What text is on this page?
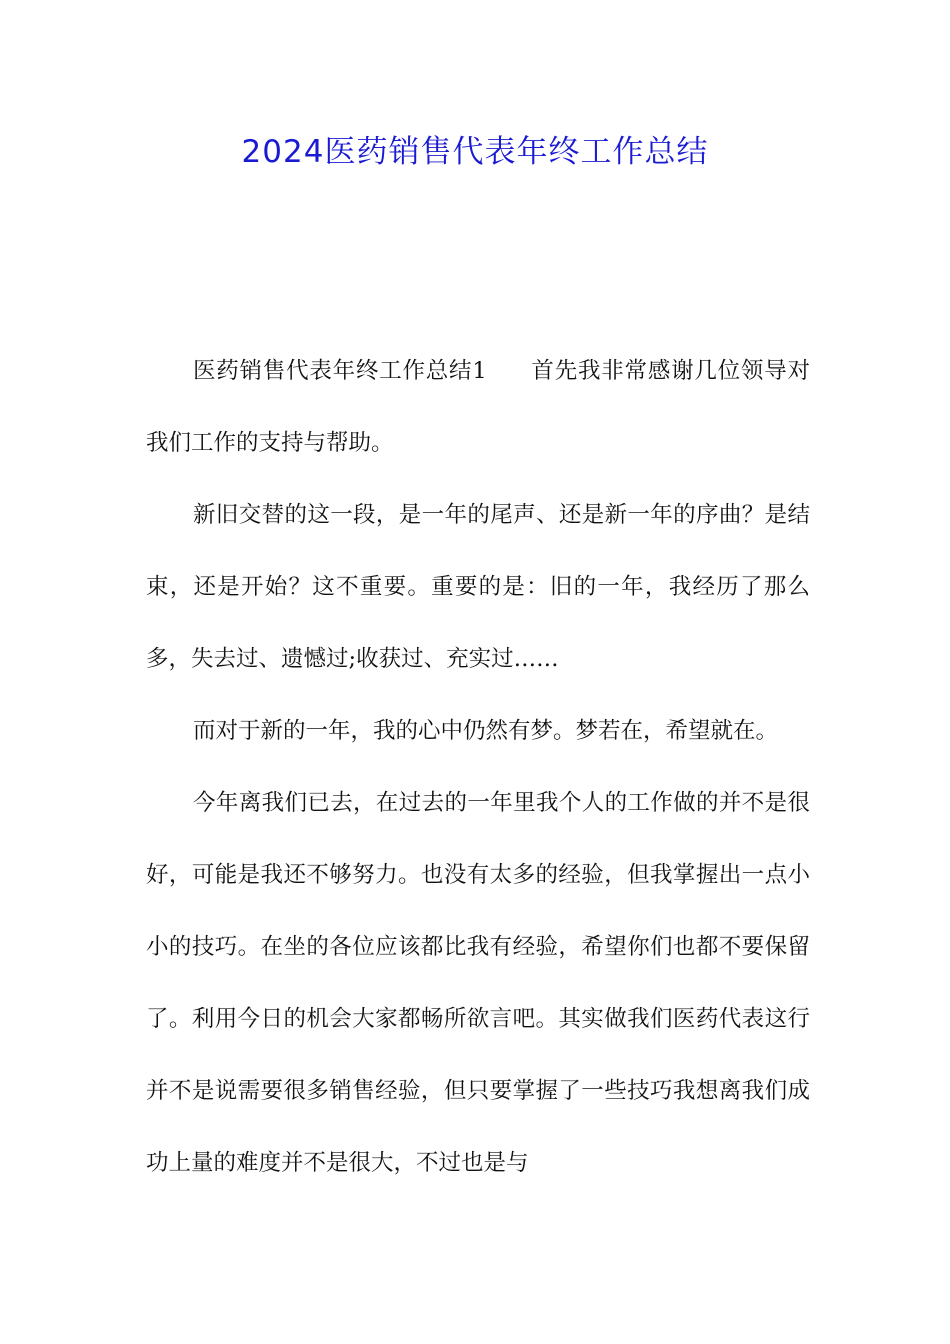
2024医药销售代表年终工作总结

医药销售代表年终工作总结1 首先我非常感谢几位领导对我们工作的支持与帮助。

新旧交替的这一段，是一年的尾声、还是新一年的序曲？是结束，还是开始？这不重要。重要的是：旧的一年，我经历了那么多，失去过、遗憾过;收获过、充实过……

而对于新的一年，我的心中仍然有梦。梦若在，希望就在。

今年离我们已去，在过去的一年里我个人的工作做的并不是很好，可能是我还不够努力。也没有太多的经验，但我掌握出一点小小的技巧。在坐的各位应该都比我有经验，希望你们也都不要保留了。利用今日的机会大家都畅所欲言吧。其实做我们医药代表这行并不是说需要很多销售经验，但只要掌握了一些技巧我想离我们成功上量的难度并不是很大，不过也是与
